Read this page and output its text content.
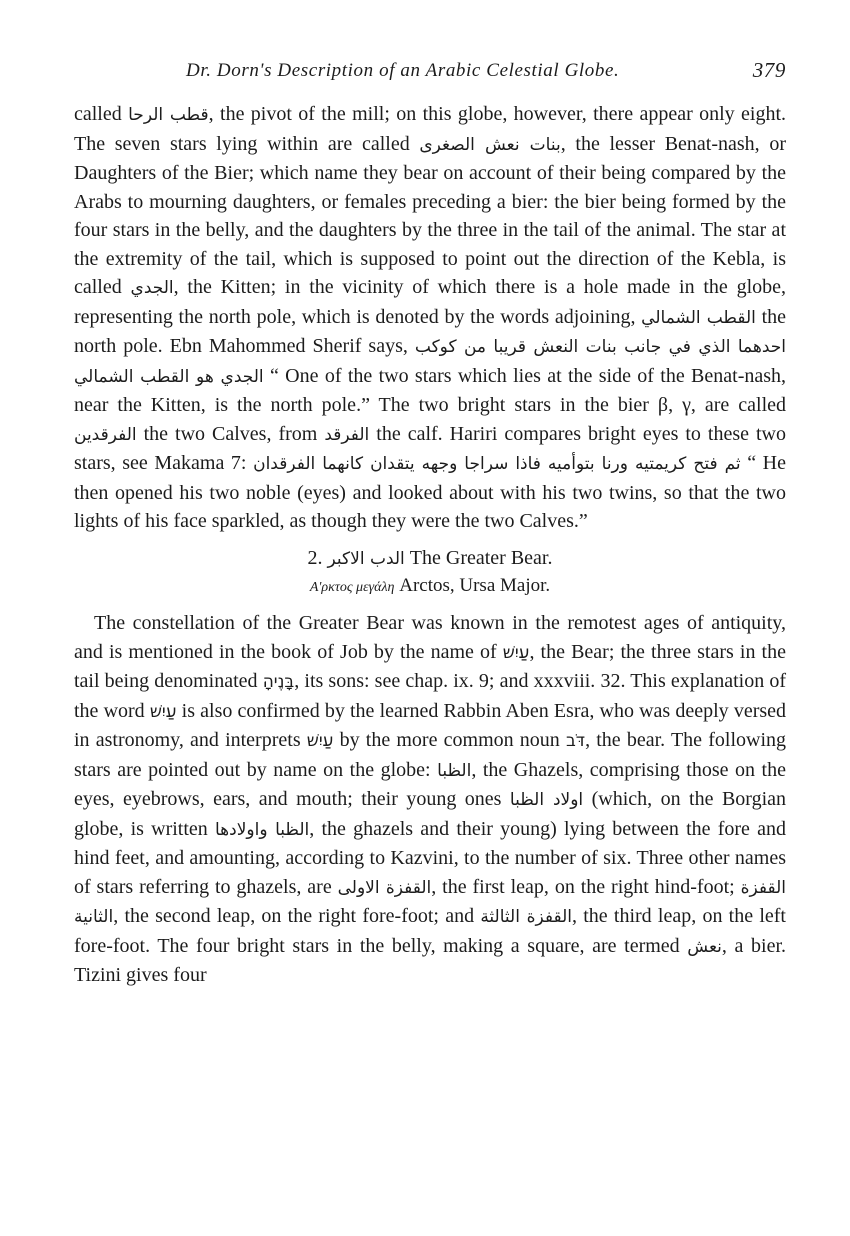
Dr. Dorn's Description of an Arabic Celestial Globe.	379

called قطب الرحا, the pivot of the mill; on this globe, however, there appear only eight. The seven stars lying within are called بنات نعش الصغرى, the lesser Benat-nash, or Daughters of the Bier; which name they bear on account of their being compared by the Arabs to mourning daughters, or females preceding a bier: the bier being formed by the four stars in the belly, and the daughters by the three in the tail of the animal. The star at the extremity of the tail, which is supposed to point out the direction of the Kebla, is called الجدي, the Kitten; in the vicinity of which there is a hole made in the globe, representing the north pole, which is denoted by the words adjoining, القطب الشمالي the north pole. Ebn Mahommed Sherif says, احدهما الذي في جانب بنات النعش قريبا من كوكب الجدي هو القطب الشمالي “ One of the two stars which lies at the side of the Benat-nash, near the Kitten, is the north pole.” The two bright stars in the bier β, γ, are called الفرقدين the two Calves, from الفرقد the calf. Hariri compares bright eyes to these two stars, see Makama 7: ثم فتح كريمتيه ورنا بتوأميه فاذا سراجا وجهه يتقدان كانهما الفرقدان “ He then opened his two noble (eyes) and looked about with his two twins, so that the two lights of his face sparkled, as though they were the two Calves.”

2. الدب الاكبر The Greater Bear.
Α'ρκτος μεγάλη Arctos, Ursa Major.

The constellation of the Greater Bear was known in the remotest ages of antiquity, and is mentioned in the book of Job by the name of עַיִשׁ, the Bear; the three stars in the tail being denominated בָּנֶיהָ, its sons: see chap. ix. 9; and xxxviii. 32. This explanation of the word עַיִשׁ is also confirmed by the learned Rabbin Aben Esra, who was deeply versed in astronomy, and interprets עַיִשׁ by the more common noun דֹּב, the bear. The following stars are pointed out by name on the globe: الظبا, the Ghazels, comprising those on the eyes, eyebrows, ears, and mouth; their young ones اولاد الظبا (which, on the Borgian globe, is written الظبا واولادها, the ghazels and their young) lying between the fore and hind feet, and amounting, according to Kazvini, to the number of six. Three other names of stars referring to ghazels, are القفزة الاولى, the first leap, on the right hind-foot; القفزة الثانية, the second leap, on the right fore-foot; and القفزة الثالثة, the third leap, on the left fore-foot. The four bright stars in the belly, making a square, are termed نعش, a bier. Tizini gives four
